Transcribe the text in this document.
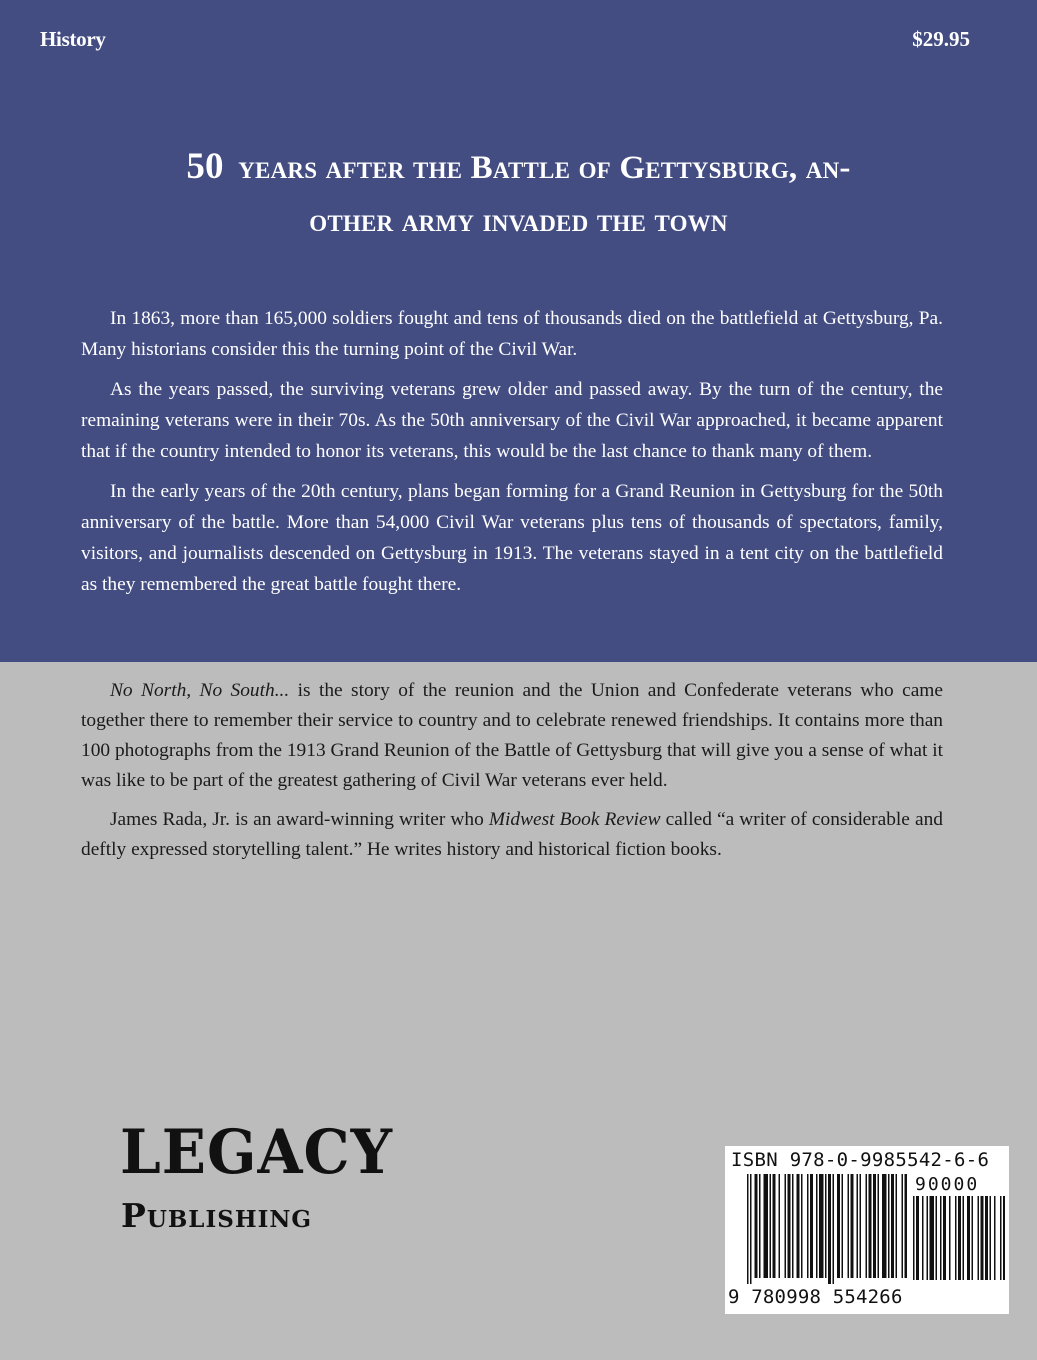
History	$29.95
50 years after the Battle of Gettysburg, an-
other army invaded the town

In 1863, more than 165,000 soldiers fought and tens of thousands died on the battlefield at Gettysburg, Pa. Many historians consider this the turning point of the Civil War.

As the years passed, the surviving veterans grew older and passed away. By the turn of the century, the remaining veterans were in their 70s. As the 50th anniversary of the Civil War approached, it became apparent that if the country intended to honor its veterans, this would be the last chance to thank many of them.

In the early years of the 20th century, plans began forming for a Grand Reunion in Gettysburg for the 50th anniversary of the battle. More than 54,000 Civil War veterans plus tens of thousands of spectators, family, visitors, and journalists descended on Gettysburg in 1913. The veterans stayed in a tent city on the battlefield as they remembered the great battle fought there.

No North, No South... is the story of the reunion and the Union and Confederate veterans who came together there to remember their service to country and to celebrate renewed friendships. It contains more than 100 photographs from the 1913 Grand Reunion of the Battle of Gettysburg that will give you a sense of what it was like to be part of the greatest gathering of Civil War veterans ever held.

James Rada, Jr. is an award-winning writer who Midwest Book Review called “a writer of considerable and deftly expressed storytelling talent.” He writes history and historical fiction books.

LEGACY
Publishing
ISBN 978-0-9985542-6-6
90000
9 780998 554266
